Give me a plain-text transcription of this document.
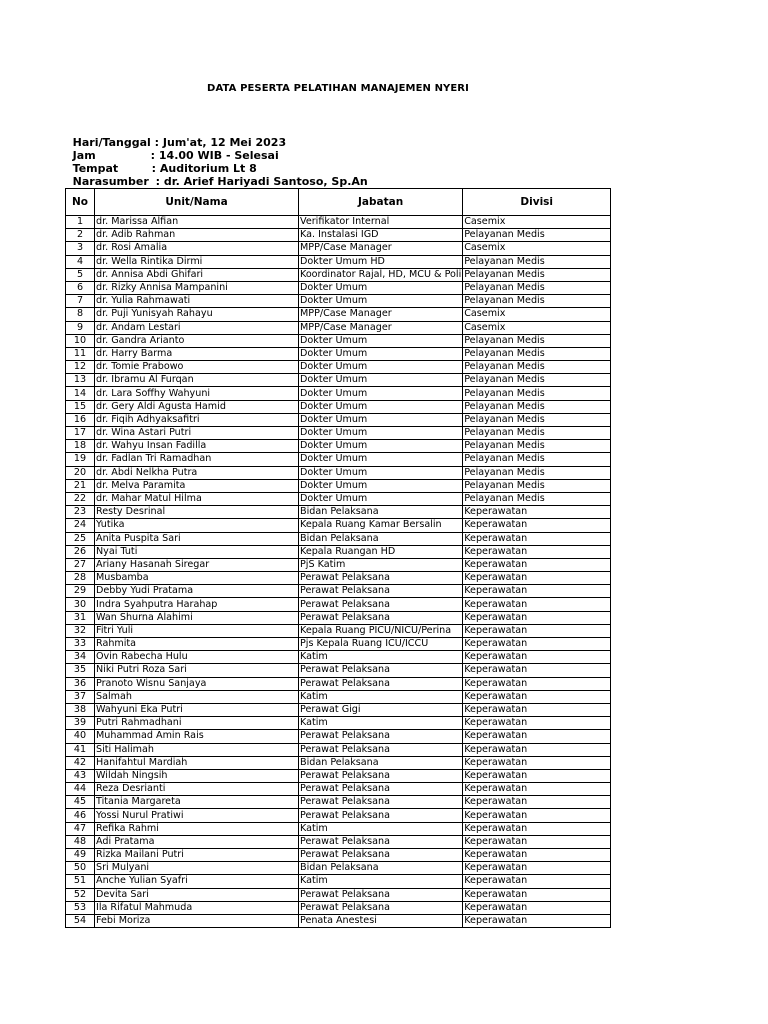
DATA PESERTA PELATIHAN MANAJEMEN NYERI

Hari/Tanggal : Jum'at, 12 Mei 2023

Jam	: 14.00 WIB - Selesai

Tempat	: Auditorium Lt 8

Narasumber : dr. Arief Hariyadi Santoso, Sp.An

No	Unit/Nama	Jabatan	Divisi
1	dr. Marissa Alfian	Verifikator Internal	Casemix
2	dr. Adib Rahman	Ka. Instalasi IGD	Pelayanan Medis
3	dr. Rosi Amalia	MPP/Case Manager	Casemix
4	dr. Wella Rintika Dirmi	Dokter Umum HD	Pelayanan Medis
5	dr. Annisa Abdi Ghifari	Koordinator Rajal, HD, MCU & Poli	Pelayanan Medis
6	dr. Rizky Annisa Mampanini	Dokter Umum	Pelayanan Medis
7	dr. Yulia Rahmawati	Dokter Umum	Pelayanan Medis
8	dr. Puji Yunisyah Rahayu	MPP/Case Manager	Casemix
9	dr. Andam Lestari	MPP/Case Manager	Casemix
10	dr. Gandra Arianto	Dokter Umum	Pelayanan Medis
11	dr. Harry Barma	Dokter Umum	Pelayanan Medis
12	dr. Tomie Prabowo	Dokter Umum	Pelayanan Medis
13	dr. Ibramu Al Furqan	Dokter Umum	Pelayanan Medis
14	dr. Lara Soffhy Wahyuni	Dokter Umum	Pelayanan Medis
15	dr. Gery Aldi Agusta Hamid	Dokter Umum	Pelayanan Medis
16	dr. Fiqih Adhyaksafitri	Dokter Umum	Pelayanan Medis
17	dr. Wina Astari Putri	Dokter Umum	Pelayanan Medis
18	dr. Wahyu Insan Fadilla	Dokter Umum	Pelayanan Medis
19	dr. Fadlan Tri Ramadhan	Dokter Umum	Pelayanan Medis
20	dr. Abdi Nelkha Putra	Dokter Umum	Pelayanan Medis
21	dr. Melva Paramita	Dokter Umum	Pelayanan Medis
22	dr. Mahar Matul Hilma	Dokter Umum	Pelayanan Medis
23	Resty Desrinal	Bidan Pelaksana	Keperawatan
24	Yutika	Kepala Ruang Kamar Bersalin	Keperawatan
25	Anita Puspita Sari	Bidan Pelaksana	Keperawatan
26	Nyai Tuti	Kepala Ruangan HD	Keperawatan
27	Ariany Hasanah Siregar	PjS Katim	Keperawatan
28	Musbamba	Perawat Pelaksana	Keperawatan
29	Debby Yudi Pratama	Perawat Pelaksana	Keperawatan
30	Indra Syahputra Harahap	Perawat Pelaksana	Keperawatan
31	Wan Shurna Alahimi	Perawat Pelaksana	Keperawatan
32	Fitri Yuli	Kepala Ruang PICU/NICU/Perina	Keperawatan
33	Rahmita	Pjs Kepala Ruang ICU/ICCU	Keperawatan
34	Ovin Rabecha Hulu	Katim	Keperawatan
35	Niki Putri Roza Sari	Perawat Pelaksana	Keperawatan
36	Pranoto Wisnu Sanjaya	Perawat Pelaksana	Keperawatan
37	Salmah	Katim	Keperawatan
38	Wahyuni Eka Putri	Perawat Gigi	Keperawatan
39	Putri Rahmadhani	Katim	Keperawatan
40	Muhammad Amin Rais	Perawat Pelaksana	Keperawatan
41	Siti Halimah	Perawat Pelaksana	Keperawatan
42	Hanifahtul Mardiah	Bidan Pelaksana	Keperawatan
43	Wildah Ningsih	Perawat Pelaksana	Keperawatan
44	Reza Desrianti	Perawat Pelaksana	Keperawatan
45	Titania Margareta	Perawat Pelaksana	Keperawatan
46	Yossi Nurul Pratiwi	Perawat Pelaksana	Keperawatan
47	Refika Rahmi	Katim	Keperawatan
48	Adi Pratama	Perawat Pelaksana	Keperawatan
49	Rizka Mailani Putri	Perawat Pelaksana	Keperawatan
50	Sri Mulyani	Bidan Pelaksana	Keperawatan
51	Anche Yulian Syafri	Katim	Keperawatan
52	Devita Sari	Perawat Pelaksana	Keperawatan
53	Ila Rifatul Mahmuda	Perawat Pelaksana	Keperawatan
54	Febi Moriza	Penata Anestesi	Keperawatan
